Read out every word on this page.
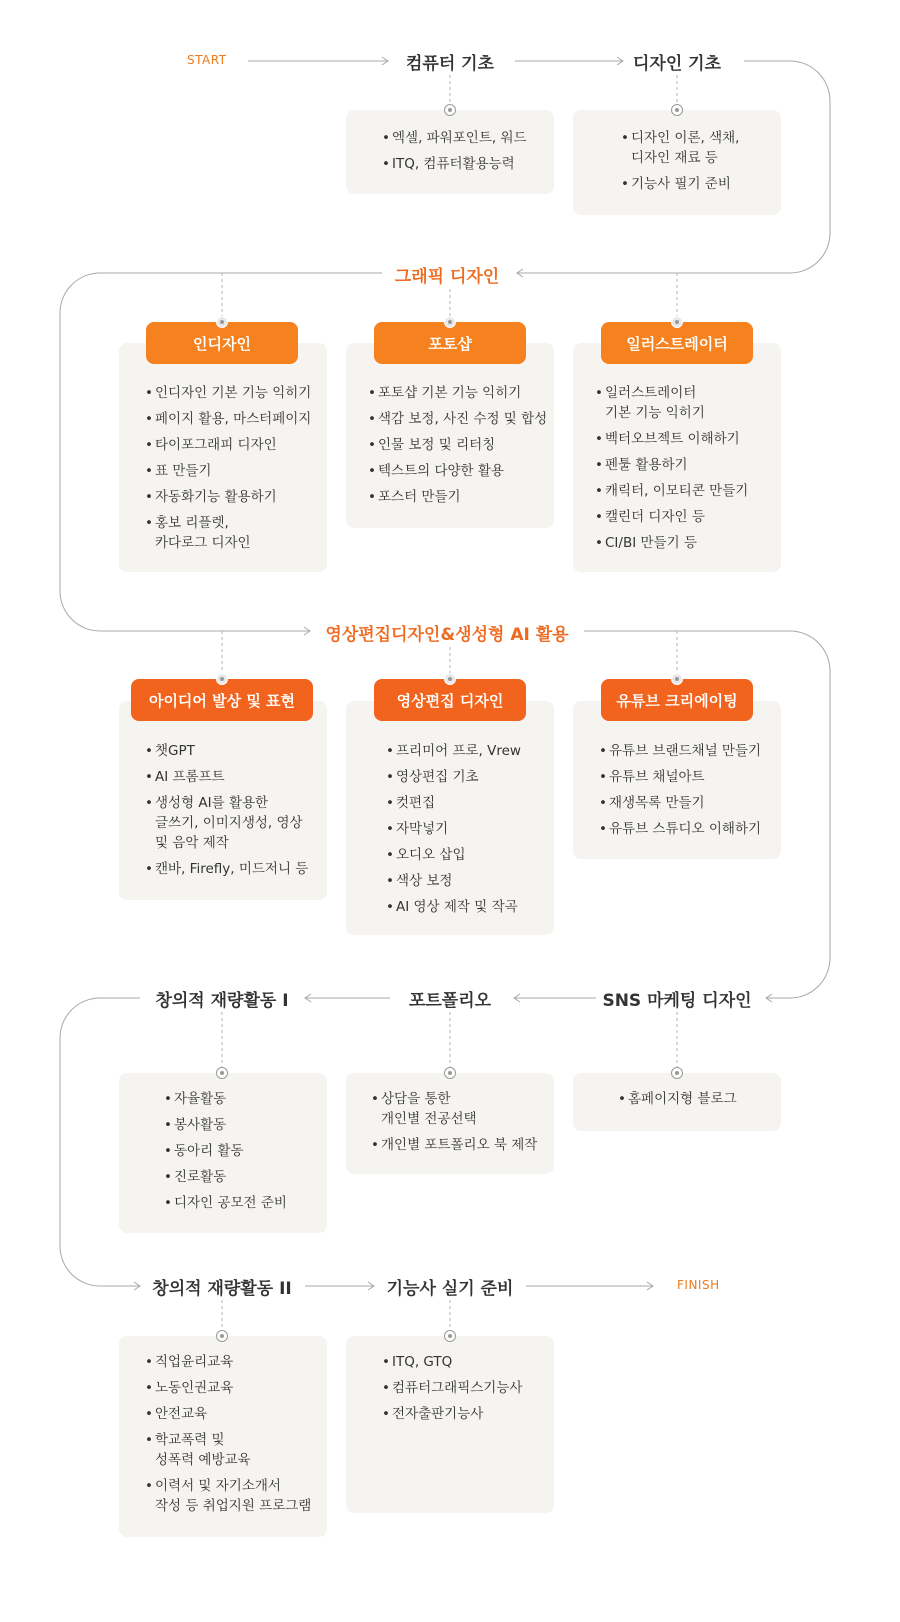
START	컴퓨터 기초	디자인 기초
• 엑셀, 파워포인트, 워드
• ITQ, 컴퓨터활용능력
• 디자인 이론, 색채,
디자인 재료 등
• 기능사 필기 준비
그래픽 디자인
• 인디자인 기본 기능 익히기
• 페이지 활용, 마스터페이지
• 타이포그래피 디자인
• 표 만들기
• 자동화기능 활용하기
• 홍보 리플렛,
카다로그 디자인
• 포토샵 기본 기능 익히기
• 색감 보정, 사진 수정 및 합성
• 인물 보정 및 리터칭
• 텍스트의 다양한 활용
• 포스터 만들기
• 일러스트레이터
기본 기능 익히기
• 벡터오브젝트 이해하기
• 펜툴 활용하기
• 캐릭터, 이모티콘 만들기
• 캘린더 디자인 등
• CI/BI 만들기 등
인디자인	포토샵	일러스트레이터
영상편집디자인&생성형 AI 활용
• 챗GPT
• AI 프롬프트
• 생성형 AI를 활용한
글쓰기, 이미지생성, 영상
및 음악 제작
• 캔바, Firefly, 미드저니 등
• 프리미어 프로, Vrew
• 영상편집 기초
• 컷편집
• 자막넣기
• 오디오 삽입
• 색상 보정
• AI 영상 제작 및 작곡
• 유튜브 브랜드채널 만들기
• 유튜브 채널아트
• 재생목록 만들기
• 유튜브 스튜디오 이해하기
아이디어 발상 및 표현	영상편집 디자인	유튜브 크리에이팅
SNS 마케팅 디자인
포트폴리오
창의적 재량활동 I
• 자율활동
• 봉사활동
• 동아리 활동
• 진로활동
• 디자인 공모전 준비
• 상담을 통한
개인별 전공선택
• 개인별 포트폴리오 북 제작
• 홈페이지형 블로그
창의적 재량활동 II	기능사 실기 준비	FINISH
• 직업윤리교육
• 노동인권교육
• 안전교육
• 학교폭력 및
성폭력 예방교육
• 이력서 및 자기소개서
작성 등 취업지원 프로그램
• ITQ, GTQ
• 컴퓨터그래픽스기능사
• 전자출판기능사
